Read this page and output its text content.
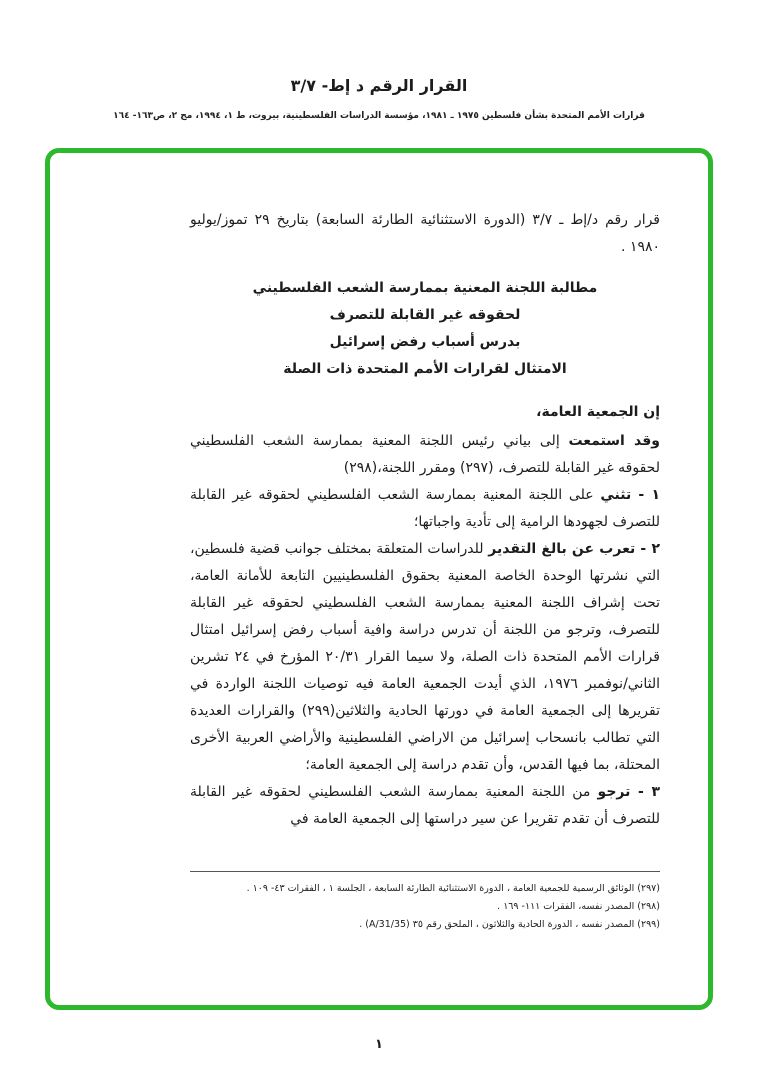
القرار الرقم د إط- ٣/٧
قرارات الأمم المتحدة بشأن فلسطين ١٩٧٥ ـ ١٩٨١، مؤسسة الدراسات الفلسطينية، بيروت، ط ١، ١٩٩٤، مج ٢، ص١٦٣- ١٦٤

قرار رقم د/إط ـ ٣/٧ (الدورة الاستثنائية الطارئة السابعة) بتاريخ ٢٩ تموز/يوليو ١٩٨٠ .

مطالبة اللجنة المعنية بممارسة الشعب الفلسطيني
لحقوقه غير القابلة للتصرف
بدرس أسباب رفض إسرائيل
الامتثال لقرارات الأمم المتحدة ذات الصلة

إن الجمعية العامة،

وقد استمعت إلى بياني رئيس اللجنة المعنية بممارسة الشعب الفلسطيني لحقوقه غير القابلة للتصرف، (٢٩٧) ومقرر اللجنة،(٢٩٨)

١ - تثني على اللجنة المعنية بممارسة الشعب الفلسطيني لحقوقه غير القابلة للتصرف لجهودها الرامية إلى تأدية واجباتها؛

٢ - تعرب عن بالغ التقدير للدراسات المتعلقة بمختلف جوانب قضية فلسطين، التي نشرتها الوحدة الخاصة المعنية بحقوق الفلسطينيين التابعة للأمانة العامة، تحت إشراف اللجنة المعنية بممارسة الشعب الفلسطيني لحقوقه غير القابلة للتصرف، وترجو من اللجنة أن تدرس دراسة وافية أسباب رفض إسرائيل امتثال قرارات الأمم المتحدة ذات الصلة، ولا سيما القرار ٢٠/٣١ المؤرخ في ٢٤ تشرين الثاني/نوفمبر ١٩٧٦، الذي أيدت الجمعية العامة فيه توصيات اللجنة الواردة في تقريرها إلى الجمعية العامة في دورتها الحادية والثلاثين(٢٩٩) والقرارات العديدة التي تطالب بانسحاب إسرائيل من الاراضي الفلسطينية والأراضي العربية الأخرى المحتلة، بما فيها القدس، وأن تقدم دراسة إلى الجمعية العامة؛

٣ - ترجو من اللجنة المعنية بممارسة الشعب الفلسطيني لحقوقه غير القابلة للتصرف أن تقدم تقريرا عن سير دراستها إلى الجمعية العامة في

(٢٩٧) الوثائق الرسمية للجمعية العامة ، الدورة الاستثنائية الطارئة السابعة ، الجلسة ١ ، الفقرات ٤٣- ١٠٩ .
(٢٩٨) المصدر نفسه، الفقرات ١١١- ١٦٩ .
(٢٩٩) المصدر نفسه ، الدورة الحادية والثلاثون ، الملحق رقم ٣٥ (A/31/35) .
١
